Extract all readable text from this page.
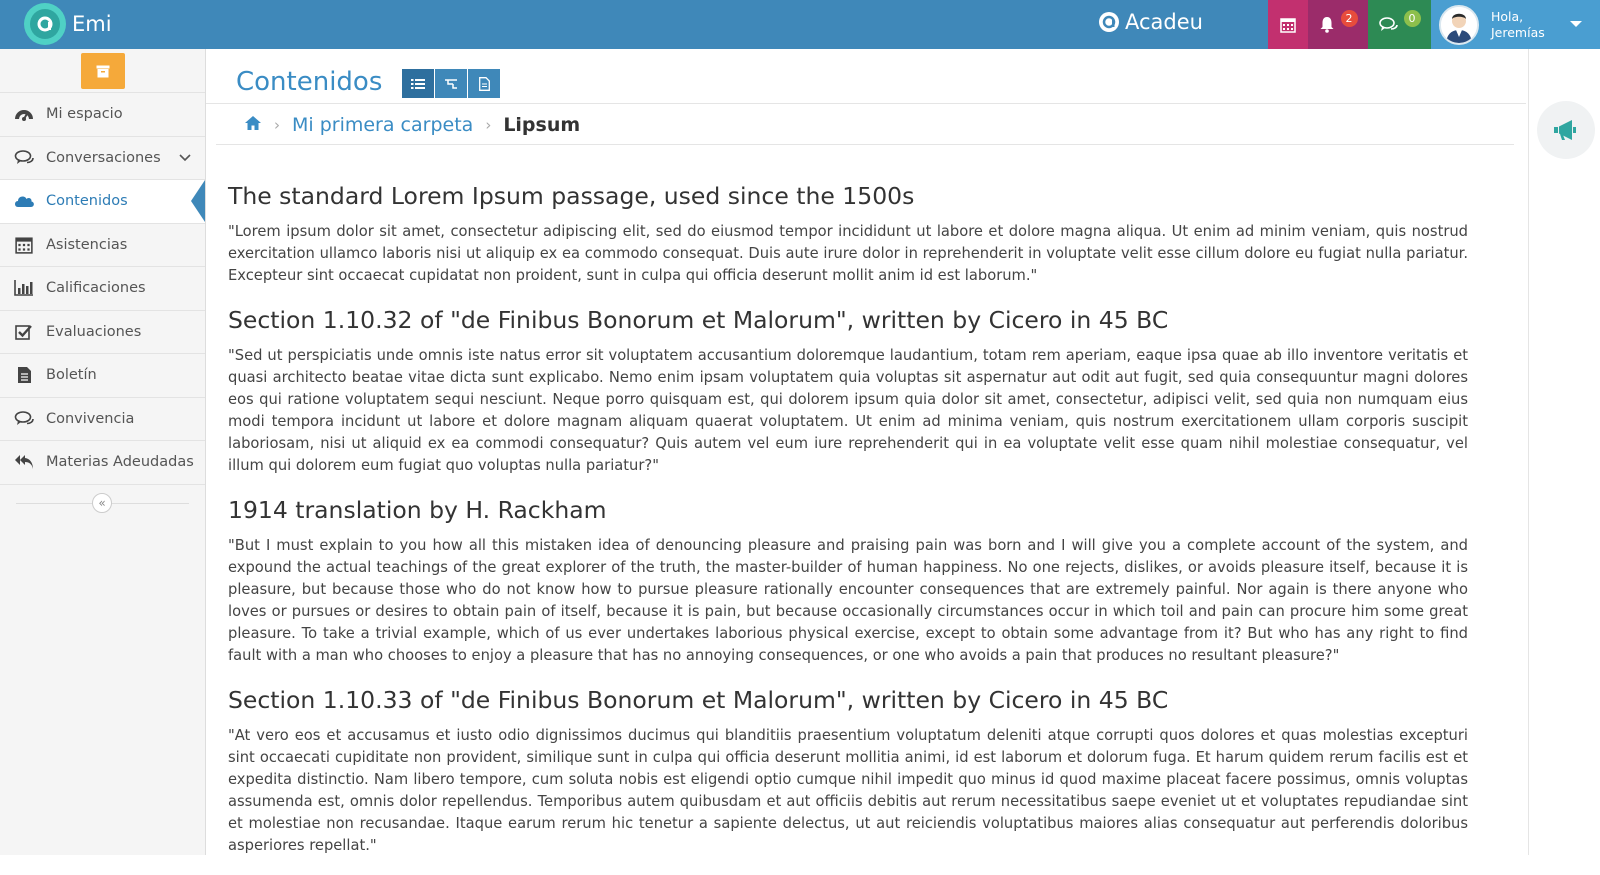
Emi	Acadeu	2	0	Hola,
Jeremías
Mi espacio
Conversaciones
Contenidos
Asistencias
Calificaciones
Evaluaciones
Boletín
Convivencia
Materias Adeudadas
«
Contenidos
› Mi primera carpeta › Lipsum
The standard Lorem Ipsum passage, used since the 1500s

"Lorem ipsum dolor sit amet, consectetur adipiscing elit, sed do eiusmod tempor incididunt ut labore et dolore magna aliqua. Ut enim ad minim veniam, quis nostrud exercitation ullamco laboris nisi ut aliquip ex ea commodo consequat. Duis aute irure dolor in reprehenderit in voluptate velit esse cillum dolore eu fugiat nulla pariatur. Excepteur sint occaecat cupidatat non proident, sunt in culpa qui officia deserunt mollit anim id est laborum."

Section 1.10.32 of "de Finibus Bonorum et Malorum", written by Cicero in 45 BC

"Sed ut perspiciatis unde omnis iste natus error sit voluptatem accusantium doloremque laudantium, totam rem aperiam, eaque ipsa quae ab illo inventore veritatis et quasi architecto beatae vitae dicta sunt explicabo. Nemo enim ipsam voluptatem quia voluptas sit aspernatur aut odit aut fugit, sed quia consequuntur magni dolores eos qui ratione voluptatem sequi nesciunt. Neque porro quisquam est, qui dolorem ipsum quia dolor sit amet, consectetur, adipisci velit, sed quia non numquam eius modi tempora incidunt ut labore et dolore magnam aliquam quaerat voluptatem. Ut enim ad minima veniam, quis nostrum exercitationem ullam corporis suscipit laboriosam, nisi ut aliquid ex ea commodi consequatur? Quis autem vel eum iure reprehenderit qui in ea voluptate velit esse quam nihil molestiae consequatur, vel illum qui dolorem eum fugiat quo voluptas nulla pariatur?"

1914 translation by H. Rackham

"But I must explain to you how all this mistaken idea of denouncing pleasure and praising pain was born and I will give you a complete account of the system, and expound the actual teachings of the great explorer of the truth, the master-builder of human happiness. No one rejects, dislikes, or avoids pleasure itself, because it is pleasure, but because those who do not know how to pursue pleasure rationally encounter consequences that are extremely painful. Nor again is there anyone who loves or pursues or desires to obtain pain of itself, because it is pain, but because occasionally circumstances occur in which toil and pain can procure him some great pleasure. To take a trivial example, which of us ever undertakes laborious physical exercise, except to obtain some advantage from it? But who has any right to find fault with a man who chooses to enjoy a pleasure that has no annoying consequences, or one who avoids a pain that produces no resultant pleasure?"

Section 1.10.33 of "de Finibus Bonorum et Malorum", written by Cicero in 45 BC

"At vero eos et accusamus et iusto odio dignissimos ducimus qui blanditiis praesentium voluptatum deleniti atque corrupti quos dolores et quas molestias excepturi sint occaecati cupiditate non provident, similique sunt in culpa qui officia deserunt mollitia animi, id est laborum et dolorum fuga. Et harum quidem rerum facilis est et expedita distinctio. Nam libero tempore, cum soluta nobis est eligendi optio cumque nihil impedit quo minus id quod maxime placeat facere possimus, omnis voluptas assumenda est, omnis dolor repellendus. Temporibus autem quibusdam et aut officiis debitis aut rerum necessitatibus saepe eveniet ut et voluptates repudiandae sint et molestiae non recusandae. Itaque earum rerum hic tenetur a sapiente delectus, ut aut reiciendis voluptatibus maiores alias consequatur aut perferendis doloribus asperiores repellat."
